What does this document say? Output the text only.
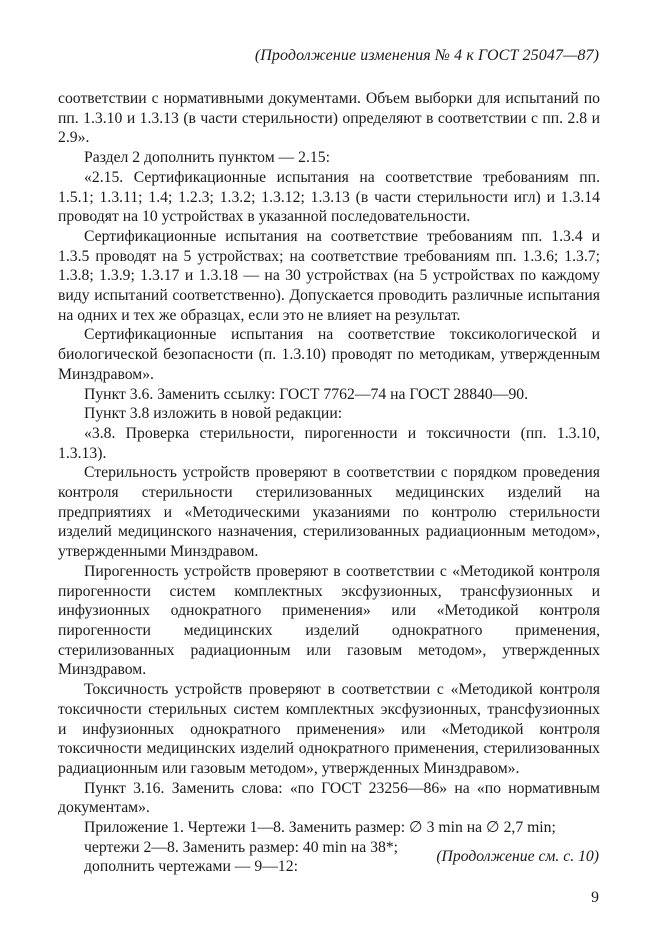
(Продолжение изменения № 4 к ГОСТ 25047—87)

соответствии с нормативными документами. Объем выборки для испытаний по пп. 1.3.10 и 1.3.13 (в части стерильности) определяют в соответствии с пп. 2.8 и 2.9».

Раздел 2 дополнить пунктом — 2.15:

«2.15. Сертификационные испытания на соответствие требованиям пп. 1.5.1; 1.3.11; 1.4; 1.2.3; 1.3.2; 1.3.12; 1.3.13 (в части стерильности игл) и 1.3.14 проводят на 10 устройствах в указанной последовательности.

Сертификационные испытания на соответствие требованиям пп. 1.3.4 и 1.3.5 проводят на 5 устройствах; на соответствие требованиям пп. 1.3.6; 1.3.7; 1.3.8; 1.3.9; 1.3.17 и 1.3.18 — на 30 устройствах (на 5 устройствах по каждому виду испытаний соответственно). Допускается проводить различные испытания на одних и тех же образцах, если это не влияет на результат.

Сертификационные испытания на соответствие токсикологической и биологической безопасности (п. 1.3.10) проводят по методикам, утвержденным Минздравом».

Пункт 3.6. Заменить ссылку: ГОСТ 7762—74 на ГОСТ 28840—90.

Пункт 3.8 изложить в новой редакции:

«3.8. Проверка стерильности, пирогенности и токсичности (пп. 1.3.10, 1.3.13).

Стерильность устройств проверяют в соответствии с порядком проведения контроля стерильности стерилизованных медицинских изделий на предприятиях и «Методическими указаниями по контролю стерильности изделий медицинского назначения, стерилизованных радиационным методом», утвержденными Минздравом.

Пирогенность устройств проверяют в соответствии с «Методикой контроля пирогенности систем комплектных эксфузионных, трансфузионных и инфузионных однократного применения» или «Методикой контроля пирогенности медицинских изделий однократного применения, стерилизованных радиационным или газовым методом», утвержденных Минздравом.

Токсичность устройств проверяют в соответствии с «Методикой контроля токсичности стерильных систем комплектных эксфузионных, трансфузионных и инфузионных однократного применения» или «Методикой контроля токсичности медицинских изделий однократного применения, стерилизованных радиационным или газовым методом», утвержденных Минздравом».

Пункт 3.16. Заменить слова: «по ГОСТ 23256—86» на «по нормативным документам».

Приложение 1. Чертежи 1—8. Заменить размер: ∅ 3 min на ∅ 2,7 min;

чертежи 2—8. Заменить размер: 40 min на 38*;

дополнить чертежами — 9—12:

(Продолжение см. с. 10)
9
